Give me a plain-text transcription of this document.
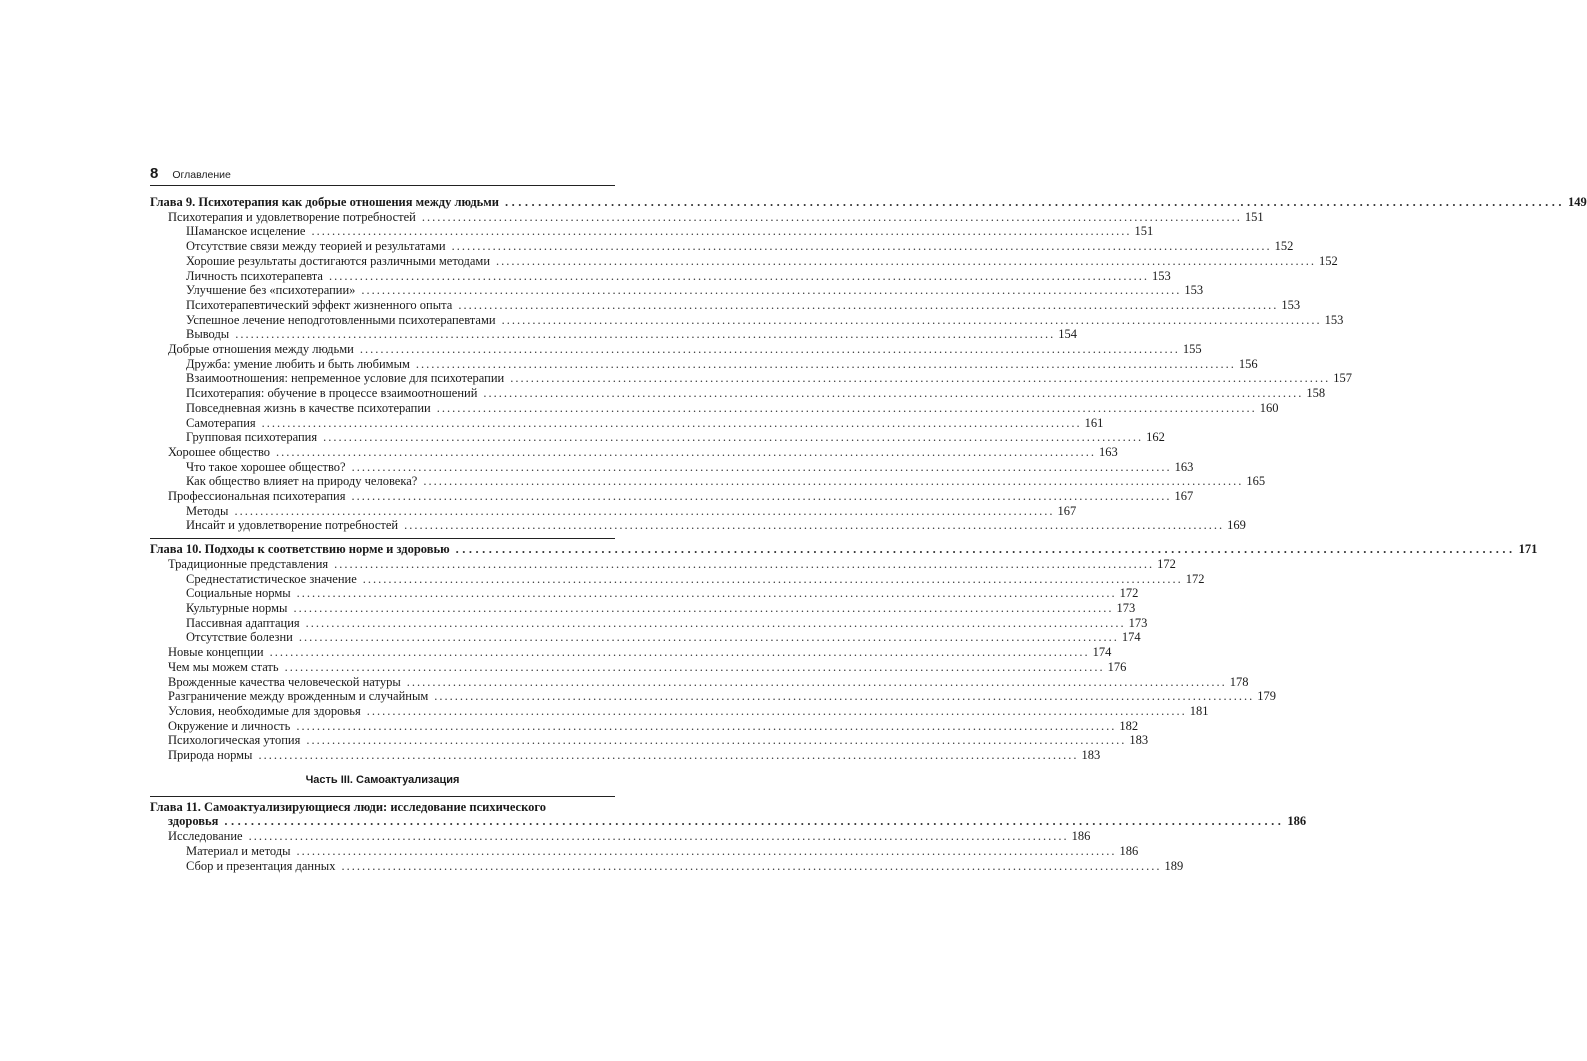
8 Оглавление
Глава 9. Психотерапия как добрые отношения между людьми ................................................................................................................................................................ 149
Психотерапия и удовлетворение потребностей ................................................................................................................................................................ 151
Шаманское исцеление ................................................................................................................................................................ 151
Отсутствие связи между теорией и результатами ................................................................................................................................................................ 152
Хорошие результаты достигаются различными методами ................................................................................................................................................................ 152
Личность психотерапевта ................................................................................................................................................................ 153
Улучшение без «психотерапии» ................................................................................................................................................................ 153
Психотерапевтический эффект жизненного опыта ................................................................................................................................................................ 153
Успешное лечение неподготовленными психотерапевтами ................................................................................................................................................................ 153
Выводы ................................................................................................................................................................ 154
Добрые отношения между людьми ................................................................................................................................................................ 155
Дружба: умение любить и быть любимым ................................................................................................................................................................ 156
Взаимоотношения: непременное условие для психотерапии ................................................................................................................................................................ 157
Психотерапия: обучение в процессе взаимоотношений ................................................................................................................................................................ 158
Повседневная жизнь в качестве психотерапии ................................................................................................................................................................ 160
Самотерапия ................................................................................................................................................................ 161
Групповая психотерапия ................................................................................................................................................................ 162
Хорошее общество ................................................................................................................................................................ 163
Что такое хорошее общество? ................................................................................................................................................................ 163
Как общество влияет на природу человека? ................................................................................................................................................................ 165
Профессиональная психотерапия ................................................................................................................................................................ 167
Методы ................................................................................................................................................................ 167
Инсайт и удовлетворение потребностей ................................................................................................................................................................ 169
Глава 10. Подходы к соответствию норме и здоровью ................................................................................................................................................................ 171
Традиционные представления ................................................................................................................................................................ 172
Среднестатистическое значение ................................................................................................................................................................ 172
Социальные нормы ................................................................................................................................................................ 172
Культурные нормы ................................................................................................................................................................ 173
Пассивная адаптация ................................................................................................................................................................ 173
Отсутствие болезни ................................................................................................................................................................ 174
Новые концепции ................................................................................................................................................................ 174
Чем мы можем стать ................................................................................................................................................................ 176
Врожденные качества человеческой натуры ................................................................................................................................................................ 178
Разграничение между врожденным и случайным ................................................................................................................................................................ 179
Условия, необходимые для здоровья ................................................................................................................................................................ 181
Окружение и личность ................................................................................................................................................................ 182
Психологическая утопия ................................................................................................................................................................ 183
Природа нормы ................................................................................................................................................................ 183
Часть III. Самоактуализация
Глава 11. Самоактуализирующиеся люди: исследование психического
здоровья ................................................................................................................................................................ 186
Исследование ................................................................................................................................................................ 186
Материал и методы ................................................................................................................................................................ 186
Сбор и презентация данных ................................................................................................................................................................ 189
